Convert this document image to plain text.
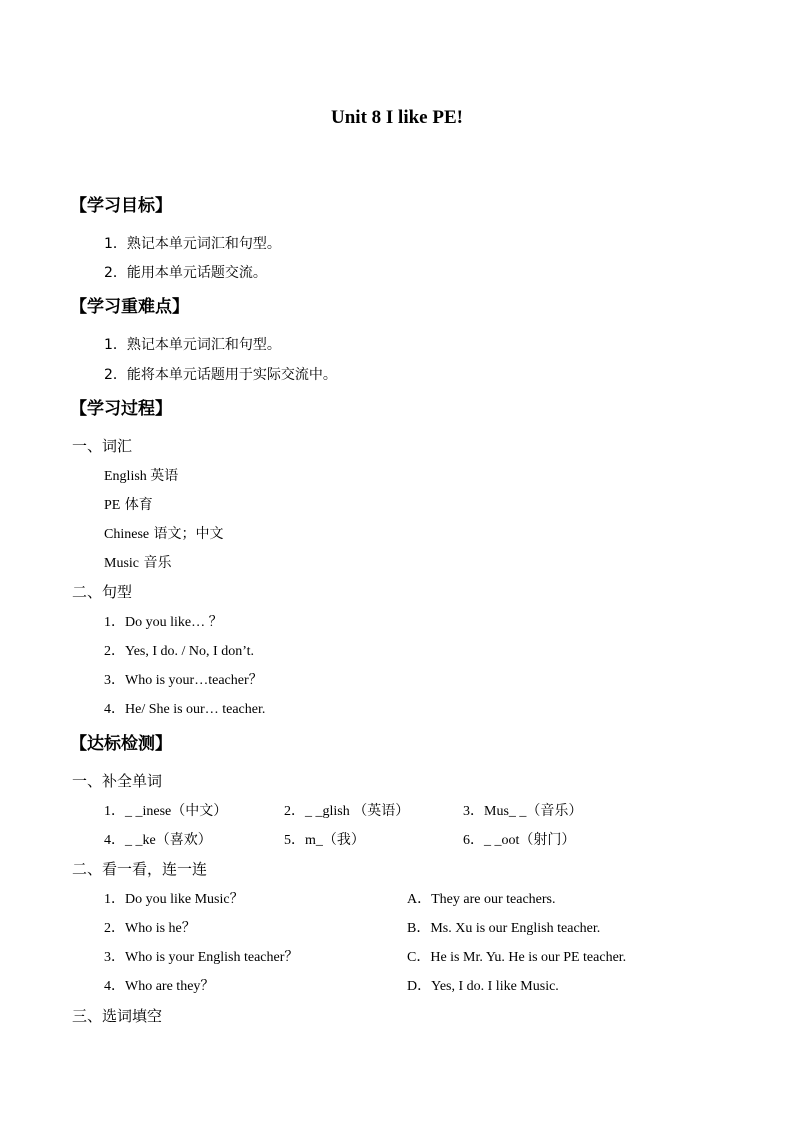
Unit 8 I like PE!
【学习目标】
1．熟记本单元词汇和句型。
2．能用本单元话题交流。
【学习重难点】
1．熟记本单元词汇和句型。
2．能将本单元话题用于实际交流中。
【学习过程】
一、词汇
English 英语
PE 体育
Chinese 语文；中文
Music 音乐
二、句型
1．Do you like… ？
2．Yes, I do. / No, I don’t.
3．Who is your…teacher？
4．He/ She is our… teacher.
【达标检测】
一、补全单词
1．_ _inese（中文）	2．_ _glish （英语）	3．Mus_ _（音乐）
4．_ _ke（喜欢）	5．m_（我）	6．_ _oot（射门）
二、看一看，连一连
1．Do you like Music？	A．They are our teachers.
2．Who is he？	B．Ms. Xu is our English teacher.
3．Who is your English teacher？	C．He is Mr. Yu. He is our PE teacher.
4．Who are they？	D．Yes, I do. I like Music.
三、选词填空
